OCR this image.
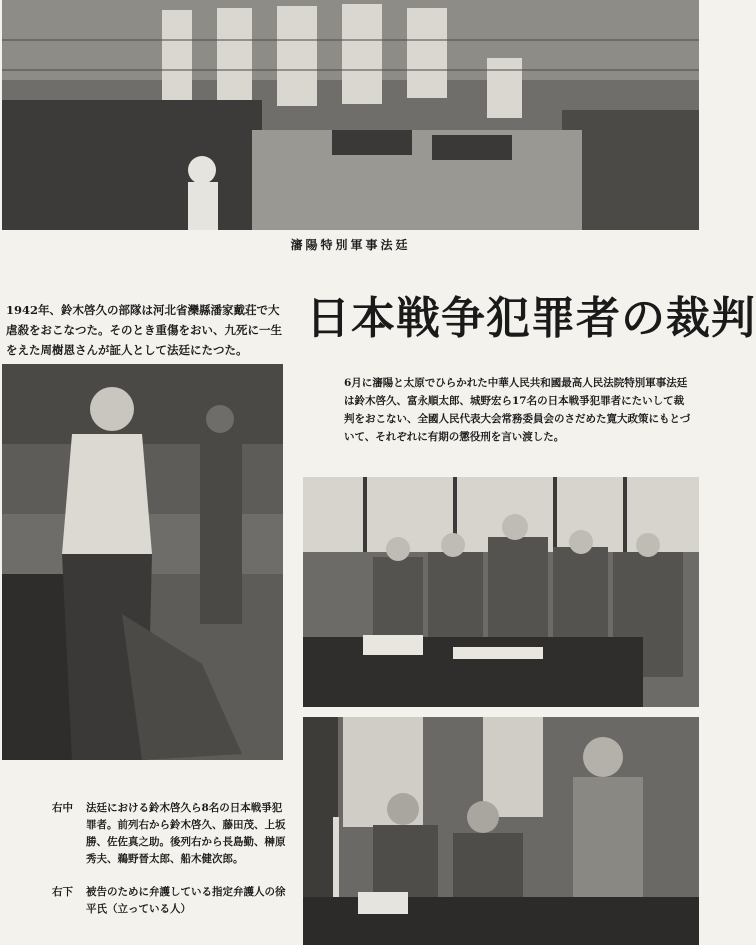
瀋陽特別軍事法廷
1942年、鈴木啓久の部隊は河北省灤縣潘家戴荘で大虐殺をおこなつた。そのとき重傷をおい、九死に一生をえた周樹恩さんが証人として法廷にたつた。
日本戦争犯罪者の裁判
6月に瀋陽と太原でひらかれた中華人民共和國最高人民法院特別軍事法廷は鈴木啓久、富永順太郎、城野宏ら17名の日本戦爭犯罪者にたいして裁判をおこない、全國人民代表大会常務委員会のさだめた寛大政策にもとづいて、それぞれに有期の懲役刑を言い渡した。
右中	法廷における鈴木啓久ら8名の日本戦爭犯罪者。前列右から鈴木啓久、藤田茂、上坂勝、佐佐真之助。後列右から長島勤、榊原秀夫、鵜野晉太郎、船木健次郎。
右下	被告のために弁護している指定弁護人の徐平氏（立っている人）
